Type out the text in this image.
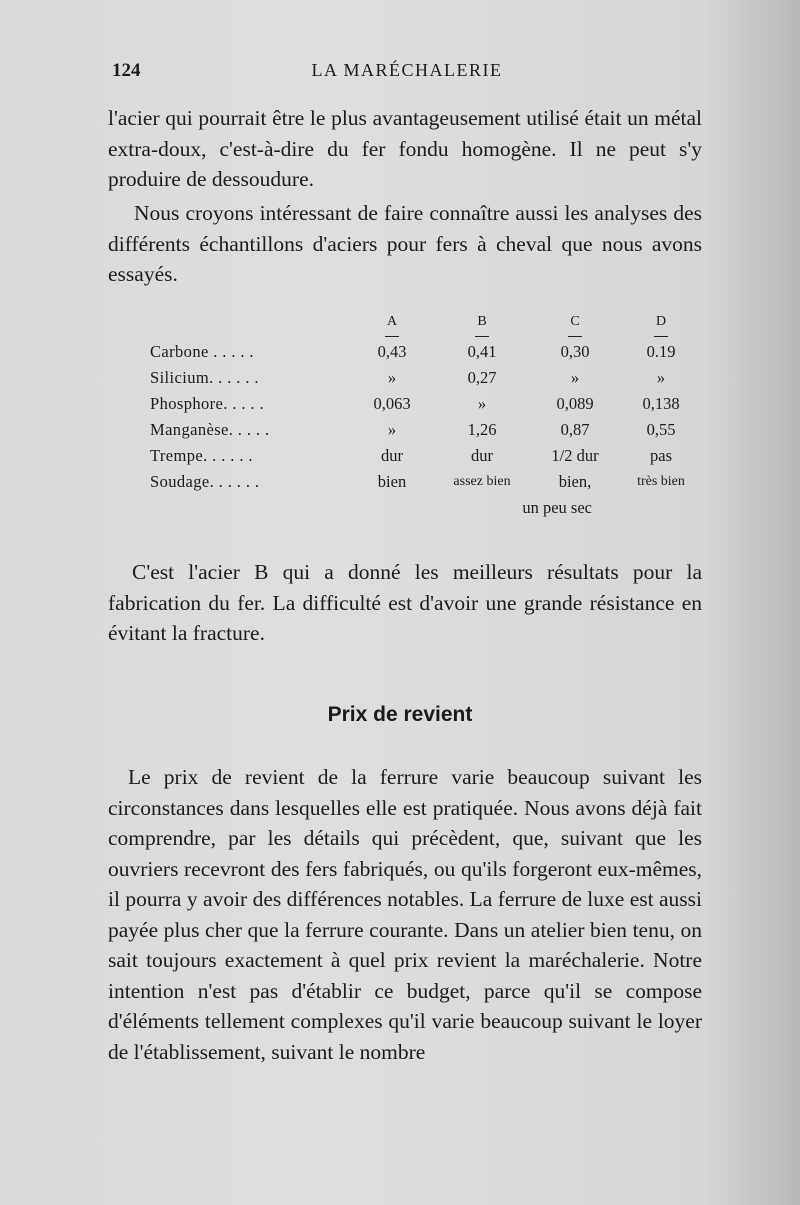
LA MARÉCHALERIE
124

l'acier qui pourrait être le plus avantageusement utilisé était un métal extra-doux, c'est-à-dire du fer fondu homogène. Il ne peut s'y produire de dessoudure.

Nous croyons intéressant de faire connaître aussi les analyses des différents échantillons d'aciers pour fers à cheval que nous avons essayés.

	A	B	C	D

Carbone . . . . .	0,43	0,41	0,30	0.19
Silicium. . . . . .	»	0,27	»	»
Phosphore. . . . .	0,063	»	0,089	0,138
Manganèse. . . . .	»	1,26	0,87	0,55
Trempe. . . . . .	dur	dur	1/2 dur	pas
Soudage. . . . . .	bien	assez bien	bien,	très bien
		un peu sec		

C'est l'acier B qui a donné les meilleurs résultats pour la fabrication du fer. La difficulté est d'avoir une grande résistance en évitant la fracture.

Prix de revient

Le prix de revient de la ferrure varie beaucoup suivant les circonstances dans lesquelles elle est pratiquée. Nous avons déjà fait comprendre, par les détails qui précèdent, que, suivant que les ouvriers recevront des fers fabriqués, ou qu'ils forgeront eux-mêmes, il pourra y avoir des différences notables. La ferrure de luxe est aussi payée plus cher que la ferrure courante. Dans un atelier bien tenu, on sait toujours exactement à quel prix revient la maréchalerie. Notre intention n'est pas d'établir ce budget, parce qu'il se compose d'éléments tellement complexes qu'il varie beaucoup suivant le loyer de l'établissement, suivant le nombre
